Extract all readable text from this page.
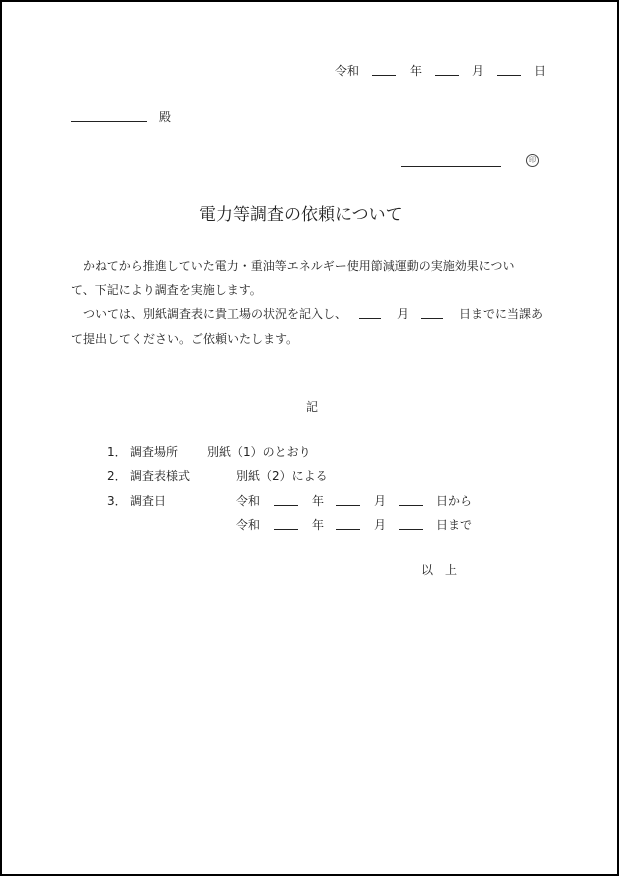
令和	年	月	日
殿
印
電力等調査の依頼について
かねてから推進していた電力・重油等エネルギー使用節減運動の実施効果につい
て、下記により調査を実施します。
ついては、別紙調査表に貴工場の状況を記入し、	月	日までに当課あ
て提出してください。ご依頼いたします。
記
1． 調査場所 別紙（1）のとおり
2． 調査表様式	別紙（2）による
3． 調査日	令和	年	月	日から
令和	年	月	日まで
以　上
